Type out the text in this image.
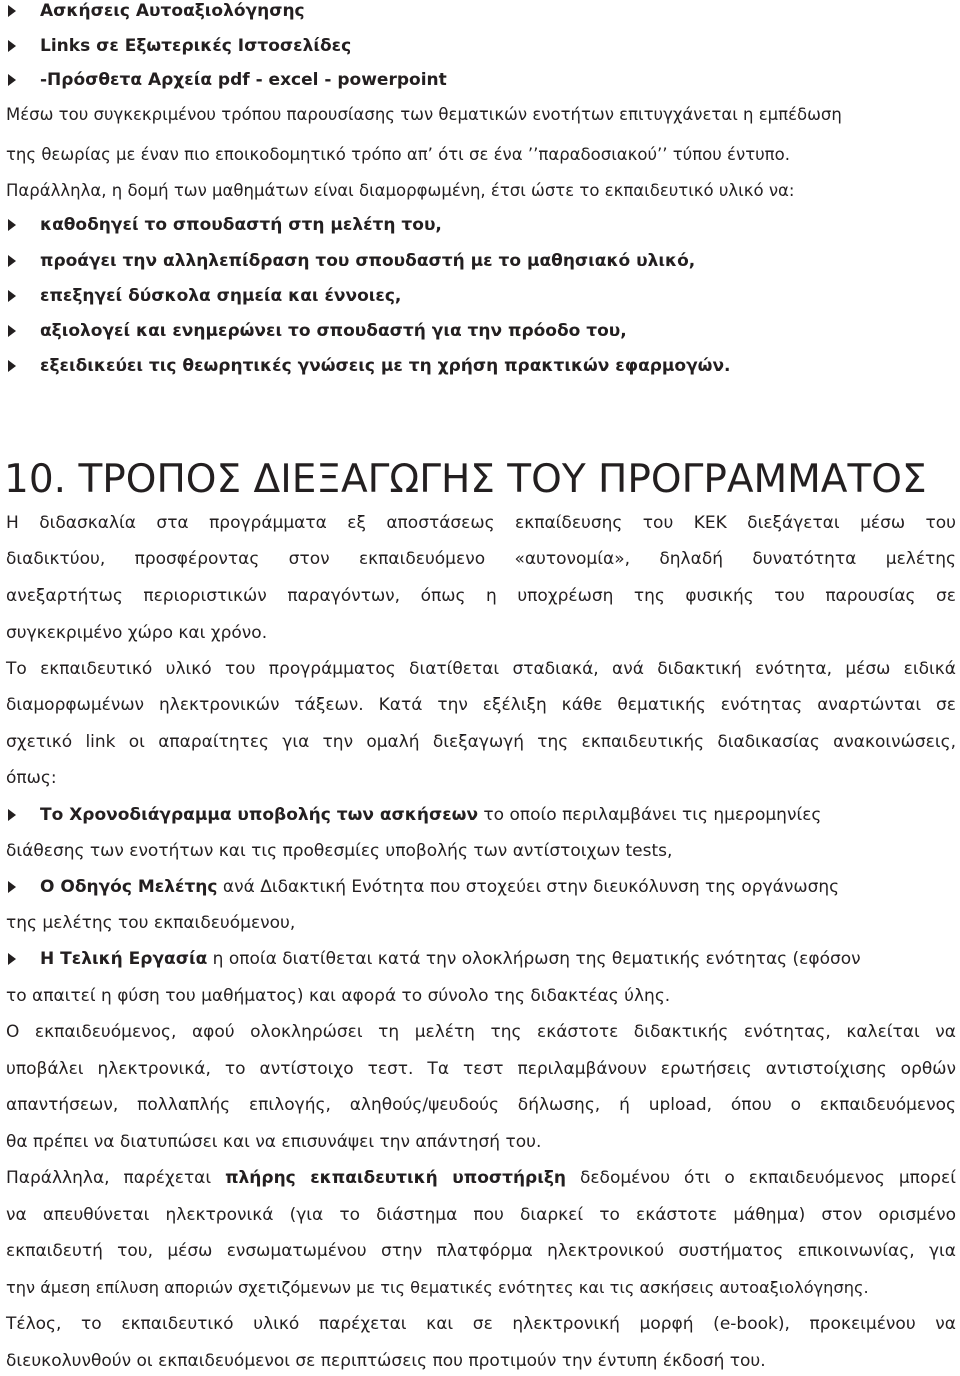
Ασκήσεις Αυτοαξιολόγησης
Links σε Εξωτερικές Ιστοσελίδες
-Πρόσθετα Αρχεία pdf - excel - powerpoint
Μέσω του συγκεκριμένου τρόπου παρουσίασης των θεματικών ενοτήτων επιτυγχάνεται η εμπέδωση
της θεωρίας με έναν πιο εποικοδομητικό τρόπο απ’ ότι σε ένα ’’παραδοσιακού’’ τύπου έντυπο.
Παράλληλα, η δομή των μαθημάτων είναι διαμορφωμένη, έτσι ώστε το εκπαιδευτικό υλικό να:
καθοδηγεί το σπουδαστή στη μελέτη του,
προάγει την αλληλεπίδραση του σπουδαστή με το μαθησιακό υλικό,
επεξηγεί δύσκολα σημεία και έννοιες,
αξιολογεί και ενημερώνει το σπουδαστή για την πρόοδο του,
εξειδικεύει τις θεωρητικές γνώσεις με τη χρήση πρακτικών εφαρμογών.
10. ΤΡΟΠΟΣ ΔΙΕΞΑΓΩΓΗΣ ΤΟΥ ΠΡΟΓΡΑΜΜΑΤΟΣ
Η διδασκαλία στα προγράμματα εξ αποστάσεως εκπαίδευσης του ΚΕΚ διεξάγεται μέσω του
διαδικτύου, προσφέροντας στον εκπαιδευόμενο «αυτονομία», δηλαδή δυνατότητα μελέτης
ανεξαρτήτως περιοριστικών παραγόντων, όπως η υποχρέωση της φυσικής του παρουσίας σε
συγκεκριμένο χώρο και χρόνο.
Το εκπαιδευτικό υλικό του προγράμματος διατίθεται σταδιακά, ανά διδακτική ενότητα, μέσω ειδικά
διαμορφωμένων ηλεκτρονικών τάξεων. Κατά την εξέλιξη κάθε θεματικής ενότητας αναρτώνται σε
σχετικό link οι απαραίτητες για την ομαλή διεξαγωγή της εκπαιδευτικής διαδικασίας ανακοινώσεις,
όπως:
Το Χρονοδιάγραμμα υποβολής των ασκήσεων το οποίο περιλαμβάνει τις ημερομηνίες
διάθεσης των ενοτήτων και τις προθεσμίες υποβολής των αντίστοιχων tests,
Ο Οδηγός Μελέτης ανά Διδακτική Ενότητα που στοχεύει στην διευκόλυνση της οργάνωσης
της μελέτης του εκπαιδευόμενου,
Η Τελική Εργασία η οποία διατίθεται κατά την ολοκλήρωση της θεματικής ενότητας (εφόσον
το απαιτεί η φύση του μαθήματος) και αφορά το σύνολο της διδακτέας ύλης.
Ο εκπαιδευόμενος, αφού ολοκληρώσει τη μελέτη της εκάστοτε διδακτικής ενότητας, καλείται να
υποβάλει ηλεκτρονικά, το αντίστοιχο τεστ. Τα τεστ περιλαμβάνουν ερωτήσεις αντιστοίχισης ορθών
απαντήσεων, πολλαπλής επιλογής, αληθούς/ψευδούς δήλωσης, ή upload, όπου ο εκπαιδευόμενος
θα πρέπει να διατυπώσει και να επισυνάψει την απάντησή του.
Παράλληλα, παρέχεται πλήρης εκπαιδευτική υποστήριξη δεδομένου ότι ο εκπαιδευόμενος μπορεί
να απευθύνεται ηλεκτρονικά (για το διάστημα που διαρκεί το εκάστοτε μάθημα) στον ορισμένο
εκπαιδευτή του, μέσω ενσωματωμένου στην πλατφόρμα ηλεκτρονικού συστήματος επικοινωνίας, για
την άμεση επίλυση αποριών σχετιζόμενων με τις θεματικές ενότητες και τις ασκήσεις αυτοαξιολόγησης.
Τέλος, το εκπαιδευτικό υλικό παρέχεται και σε ηλεκτρονική μορφή (e-book), προκειμένου να
διευκολυνθούν οι εκπαιδευόμενοι σε περιπτώσεις που προτιμούν την έντυπη έκδοσή του.
